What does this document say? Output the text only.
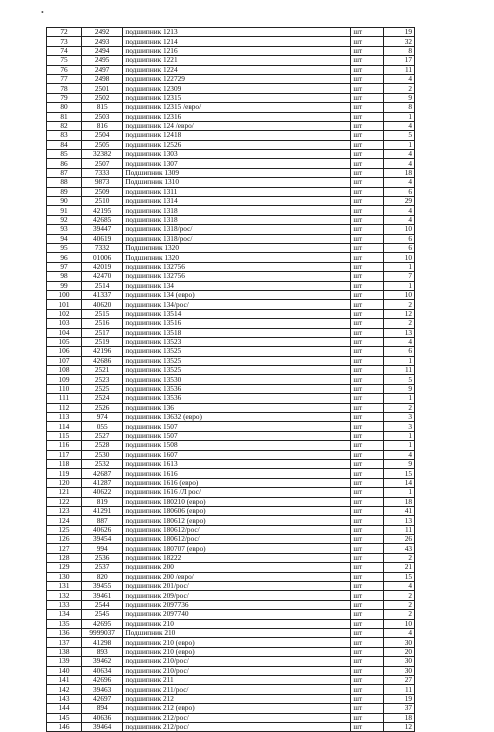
•
72	2492	подшипник 1213	шт	19
73	2493	подшипник 1214	шт	32
74	2494	подшипник 1216	шт	8
75	2495	подшипник 1221	шт	17
76	2497	подшипник 1224	шт	11
77	2498	подшипник 122729	шт	4
78	2501	подшипник 12309	шт	2
79	2502	подшипник 12315	шт	9
80	815	подшипник 12315 /евро/	шт	8
81	2503	подшипник 12316	шт	1
82	816	подшипник 124 /евро/	шт	4
83	2504	подшипник 12418	шт	5
84	2505	подшипник 12526	шт	1
85	32382	подшипник 1303	шт	4
86	2507	подшипник 1307	шт	4
87	7333	Подшипник 1309	шт	18
88	9873	Подшипник 1310	шт	4
89	2509	подшипник 1311	шт	6
90	2510	подшипник 1314	шт	29
91	42195	подшипник 1318	шт	4
92	42685	подшипник 1318	шт	4
93	39447	подшипник 1318/рос/	шт	10
94	40619	подшипник 1318/рос/	шт	6
95	7332	Подшипник 1320	шт	6
96	01006	Подшипник 1320	шт	10
97	42019	подшипник 132756	шт	1
98	42470	подшипник 132756	шт	7
99	2514	подшипник 134	шт	1
100	41337	подшипник 134 (евро)	шт	10
101	40620	подшипник 134/рос/	шт	2
102	2515	подшипник 13514	шт	12
103	2516	подшипник 13516	шт	2
104	2517	подшипник 13518	шт	13
105	2519	подшипник 13523	шт	4
106	42196	подшипник 13525	шт	6
107	42686	подшипник 13525	шт	1
108	2521	подшипник 13525	шт	11
109	2523	подшипник 13530	шт	5
110	2525	подшипник 13536	шт	9
111	2524	подшипник 13536	шт	1
112	2526	подшипник 136	шт	2
113	974	подшипник 13632 (евро)	шт	3
114	055	подшипник 1507	шт	3
115	2527	подшипник 1507	шт	1
116	2528	подшипник 1508	шт	1
117	2530	подшипник 1607	шт	4
118	2532	подшипник 1613	шт	9
119	42687	подшипник 1616	шт	15
120	41287	подшипник 1616 (евро)	шт	14
121	40622	подшипник 1616 /Л рос/	шт	1
122	819	подшипник 180210 (евро)	шт	18
123	41291	подшипник 180606 (евро)	шт	41
124	887	подшипник 180612 (евро)	шт	13
125	40626	подшипник 180612/рос/	шт	11
126	39454	подшипник 180612/рос/	шт	26
127	994	подшипник 180707 (евро)	шт	43
128	2536	подшипник 18222	шт	2
129	2537	подшипник 200	шт	21
130	820	подшипник 200 /евро/	шт	15
131	39455	подшипник 201/рос/	шт	4
132	39461	подшипник 209/рос/	шт	2
133	2544	подшипник 2097736	шт	2
134	2545	подшипник 2097740	шт	2
135	42695	подшипник 210	шт	10
136	9999037	Подшипник 210	шт	4
137	41298	подшипник 210 (евро)	шт	30
138	893	подшипник 210 (евро)	шт	20
139	39462	подшипник 210/рос/	шт	30
140	40634	подшипник 210/рос/	шт	30
141	42696	подшипник 211	шт	27
142	39463	подшипник 211/рос/	шт	11
143	42697	подшипник 212	шт	19
144	894	подшипник 212 (евро)	шт	37
145	40636	подшипник 212/рос/	шт	18
146	39464	подшипник 212/рос/	шт	12
